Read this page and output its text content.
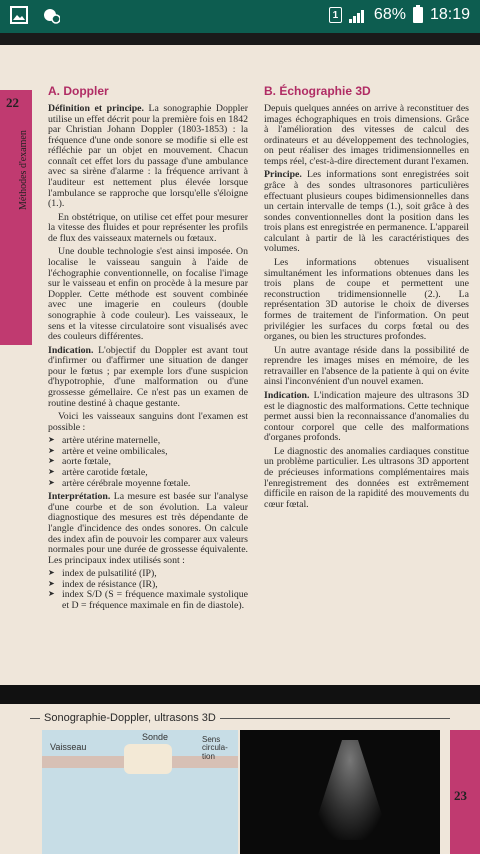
1 68% 18:19
22
Méthodes d'examen
A. Doppler

Définition et principe. La sonographie Doppler utilise un effet décrit pour la première fois en 1842 par Christian Johann Doppler (1803-1853) : la fréquence d'une onde sonore se modifie si elle est réfléchie par un objet en mouvement. Chacun connaît cet effet lors du passage d'une ambulance avec sa sirène d'alarme : la fréquence arrivant à l'auditeur est nettement plus élevée lorsque l'ambulance se rapproche que lorsqu'elle s'éloigne (1.).

En obstétrique, on utilise cet effet pour mesurer la vitesse des fluides et pour représenter les profils de flux des vaisseaux maternels ou fœtaux.

Une double technologie s'est ainsi imposée. On localise le vaisseau sanguin à l'aide de l'échographie conventionnelle, on focalise l'image sur le vaisseau et enfin on procède à la mesure par Doppler. Cette méthode est souvent combinée avec une imagerie en couleurs (double sonographie à code couleur). Les vaisseaux, le sens et la vitesse circulatoire sont visualisés avec des couleurs différentes.

Indication. L'objectif du Doppler est avant tout d'infirmer ou d'affirmer une situation de danger pour le fœtus ; par exemple lors d'une suspicion d'hypotrophie, d'une malformation ou d'une grossesse gémellaire. Ce n'est pas un examen de routine destiné à chaque gestante.

Voici les vaisseaux sanguins dont l'examen est possible :

➤ artère utérine maternelle,
➤ artère et veine ombilicales,
➤ aorte fœtale,
➤ artère carotide fœtale,
➤ artère cérébrale moyenne fœtale.

Interprétation. La mesure est basée sur l'analyse d'une courbe et de son évolution. La valeur diagnostique des mesures est très dépendante de l'angle d'incidence des ondes sonores. On calcule des index afin de pouvoir les comparer aux valeurs normales pour une durée de grossesse équivalente. Les principaux index utilisés sont :

➤ index de pulsatilité (IP),
➤ index de résistance (IR),
➤ index S/D (S = fréquence maximale systolique et D = fréquence maximale en fin de diastole).
B. Échographie 3D

Depuis quelques années on arrive à reconstituer des images échographiques en trois dimensions. Grâce à l'amélioration des vitesses de calcul des ordinateurs et au développement des technologies, on peut réaliser des images tridimensionnelles en temps réel, c'est-à-dire directement durant l'examen.

Principe. Les informations sont enregistrées soit grâce à des sondes ultrasonores particulières effectuant plusieurs coupes bidimensionnelles dans un certain intervalle de temps (1.), soit grâce à des sondes conventionnelles dont la position dans les trois plans est enregistrée en permanence. L'appareil calculant à partir de là les caractéristiques des volumes.

Les informations obtenues visualisent simultanément les informations obtenues dans les trois plans de coupe et permettent une reconstruction tridimensionnelle (2.). La représentation 3D autorise le choix de diverses formes de traitement de l'information. On peut privilégier les surfaces du corps fœtal ou des organes, ou bien les structures profondes.

Un autre avantage réside dans la possibilité de reprendre les images mises en mémoire, de les retravailler en l'absence de la patiente à qui on évite ainsi l'inconvénient d'un nouvel examen.

Indication. L'indication majeure des ultrasons 3D est le diagnostic des malformations. Cette technique permet aussi bien la reconnaissance d'anomalies du contour corporel que celle des malformations d'organes profonds.

Le diagnostic des anomalies cardiaques constitue un problème particulier. Les ultrasons 3D apportent de précieuses informations complémentaires mais l'enregistrement des données est extrêmement difficile en raison de la rapidité des mouvements du cœur fœtal.

Sonographie-Doppler, ultrasons 3D
Sonde
Vaisseau
Sens circula-tion
23
